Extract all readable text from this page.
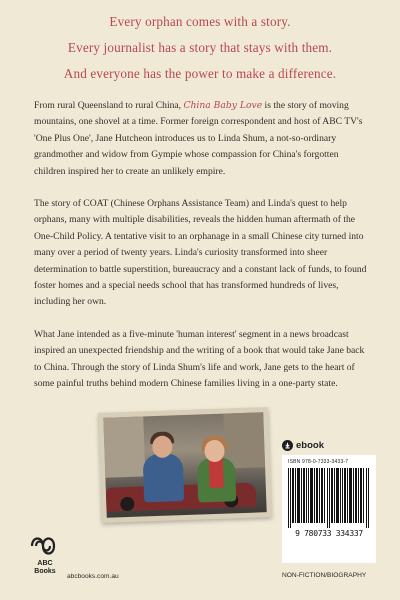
Every orphan comes with a story.
Every journalist has a story that stays with them.
And everyone has the power to make a difference.

From rural Queensland to rural China, China Baby Love is the story of moving mountains, one shovel at a time. Former foreign correspondent and host of ABC TV's 'One Plus One', Jane Hutcheon introduces us to Linda Shum, a not-so-ordinary grandmother and widow from Gympie whose compassion for China's forgotten children inspired her to create an unlikely empire.

The story of COAT (Chinese Orphans Assistance Team) and Linda's quest to help orphans, many with multiple disabilities, reveals the hidden human aftermath of the One-Child Policy. A tentative visit to an orphanage in a small Chinese city turned into many over a period of twenty years. Linda's curiosity transformed into sheer determination to battle superstition, bureaucracy and a constant lack of funds, to found foster homes and a special needs school that has transformed hundreds of lives, including her own.

What Jane intended as a five-minute 'human interest' segment in a news broadcast inspired an unexpected friendship and the writing of a book that would take Jane back to China. Through the story of Linda Shum's life and work, Jane gets to the heart of some painful truths behind modern Chinese families living in a one-party state.

ebook
ISBN 978-0-7333-3433-7
9 780733 334337
NON-FICTION/BIOGRAPHY
ABC
Books
abcbooks.com.au
